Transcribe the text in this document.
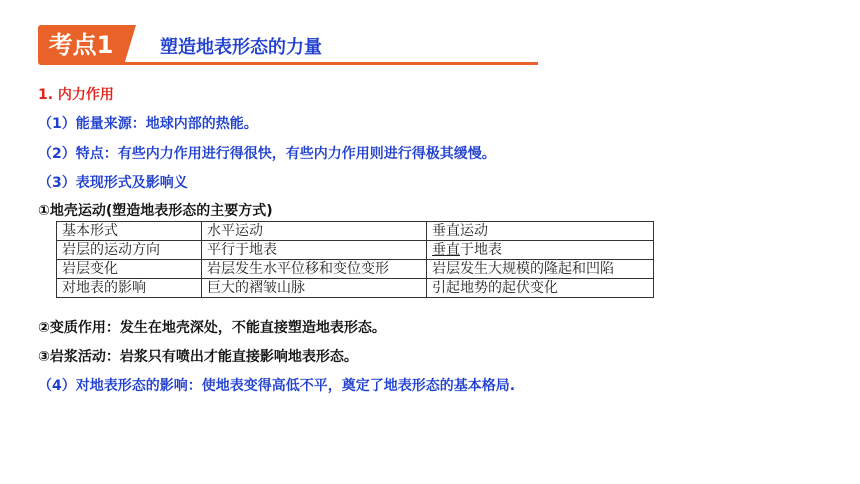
考点1	塑造地表形态的力量
1. 内力作用
（1）能量来源：地球内部的热能。
（2）特点：有些内力作用进行得很快，有些内力作用则进行得极其缓慢。
（3）表现形式及影响义
①地壳运动(塑造地表形态的主要方式)
基本形式	水平运动	垂直运动
岩层的运动方向	平行于地表	垂直于地表
岩层变化	岩层发生水平位移和变位变形	岩层发生大规模的隆起和凹陷
对地表的影响	巨大的褶皱山脉	引起地势的起伏变化
②变质作用：发生在地壳深处，不能直接塑造地表形态。
③岩浆活动：岩浆只有喷出才能直接影响地表形态。
（4）对地表形态的影响：使地表变得高低不平，奠定了地表形态的基本格局.
